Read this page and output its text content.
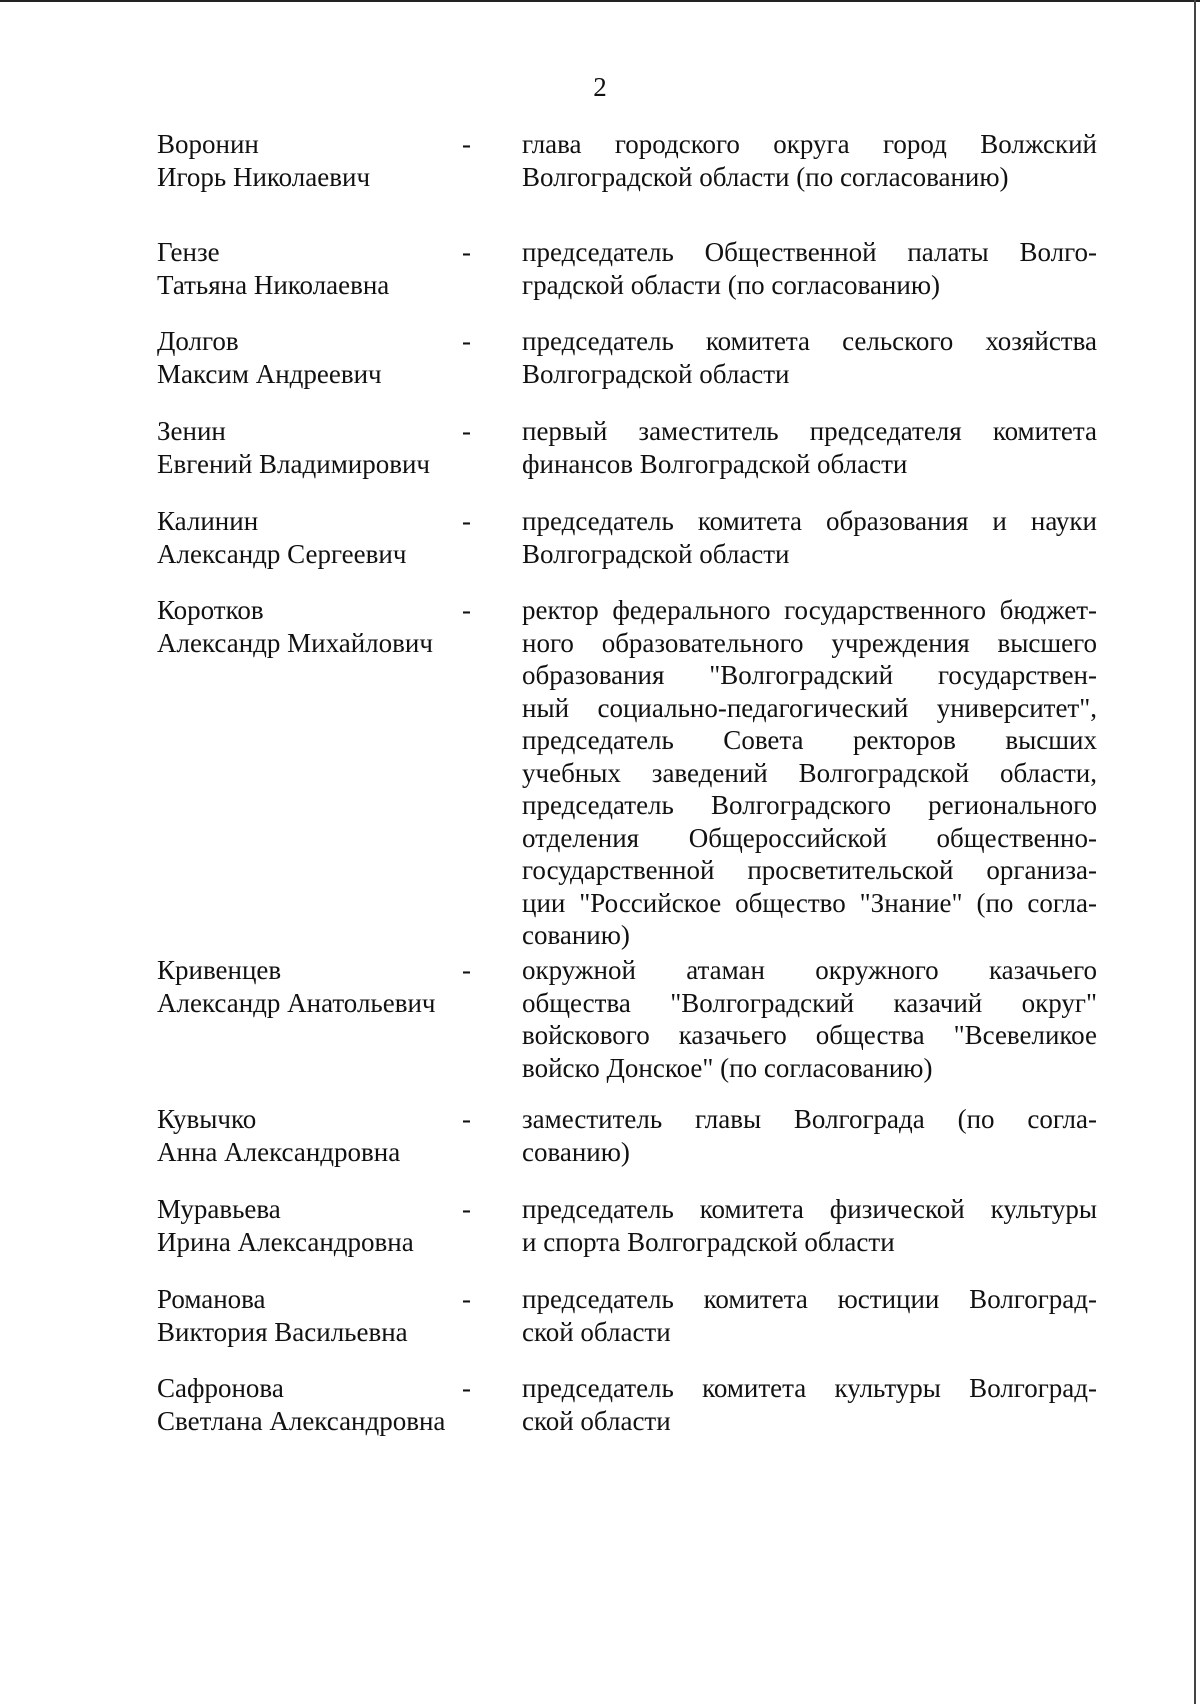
2
Воронин
Игорь Николаевич
-	глава городского округа город Волжский
Волгоградской области (по согласованию)
Гензе
Татьяна Николаевна
-	председатель Общественной палаты Волго-
градской области (по согласованию)
Долгов
Максим Андреевич
-	председатель комитета сельского хозяйства
Волгоградской области
Зенин
Евгений Владимирович
-	первый заместитель председателя комитета
финансов Волгоградской области
Калинин
Александр Сергеевич
-	председатель комитета образования и науки
Волгоградской области
Коротков
Александр Михайлович
-	ректор федерального государственного бюджет-
ного образовательного учреждения высшего
образования "Волгоградский государствен-
ный социально-педагогический университет",
председатель Совета ректоров высших
учебных заведений Волгоградской области,
председатель Волгоградского регионального
отделения Общероссийской общественно-
государственной просветительской организа-
ции "Российское общество "Знание" (по согла-
сованию)
Кривенцев
Александр Анатольевич
-	окружной атаман окружного казачьего
общества "Волгоградский казачий округ"
войскового казачьего общества "Всевеликое
войско Донское" (по согласованию)
Кувычко
Анна Александровна
-	заместитель главы Волгограда (по согла-
сованию)
Муравьева
Ирина Александровна
-	председатель комитета физической культуры
и спорта Волгоградской области
Романова
Виктория Васильевна
-	председатель комитета юстиции Волгоград-
ской области
Сафронова
Светлана Александровна
-	председатель комитета культуры Волгоград-
ской области
